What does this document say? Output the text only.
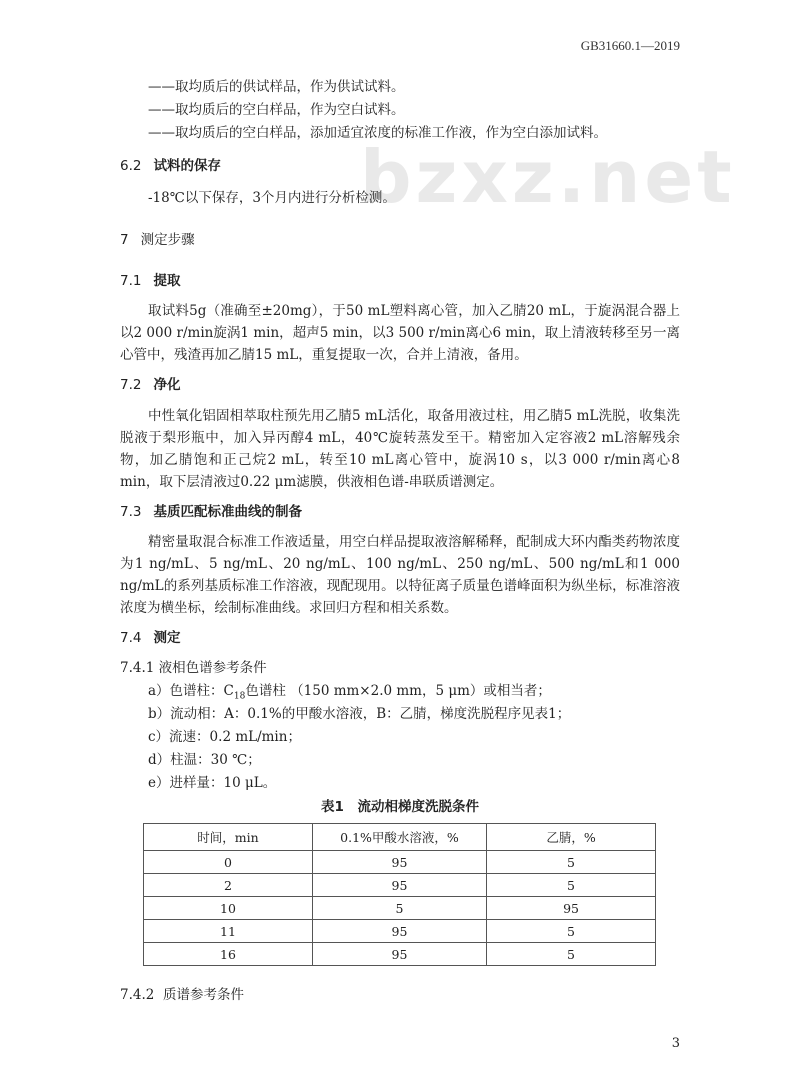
GB31660.1—2019
bzxz.net
——取均质后的供试样品，作为供试试料。
——取均质后的空白样品，作为空白试料。
——取均质后的空白样品，添加适宜浓度的标准工作液，作为空白添加试料。
6.2 试料的保存
-18℃以下保存，3个月内进行分析检测。
7 测定步骤
7.1 提取

取试料5g（准确至±20mg），于50 mL塑料离心管，加入乙腈20 mL，于旋涡混合器上以2 000 r/min旋涡1 min，超声5 min，以3 500 r/min离心6 min，取上清液转移至另一离心管中，残渣再加乙腈15 mL，重复提取一次，合并上清液，备用。

7.2 净化

中性氧化铝固相萃取柱预先用乙腈5 mL活化，取备用液过柱，用乙腈5 mL洗脱，收集洗脱液于梨形瓶中，加入异丙醇4 mL，40℃旋转蒸发至干。精密加入定容液2 mL溶解残余物，加乙腈饱和正己烷2 mL，转至10 mL离心管中，旋涡10 s，以3 000 r/min离心8 min，取下层清液过0.22 μm滤膜，供液相色谱-串联质谱测定。

7.3 基质匹配标准曲线的制备

精密量取混合标准工作液适量，用空白样品提取液溶解稀释，配制成大环内酯类药物浓度为1 ng/mL、5 ng/mL、20 ng/mL、100 ng/mL、250 ng/mL、500 ng/mL和1 000 ng/mL的系列基质标准工作溶液，现配现用。以特征离子质量色谱峰面积为纵坐标，标准溶液浓度为横坐标，绘制标准曲线。求回归方程和相关系数。

7.4 测定
7.4.1 液相色谱参考条件
a）色谱柱：$C_{18}$色谱柱 （150 mm×2.0 mm，5 μm）或相当者；
b）流动相：A：0.1%的甲酸水溶液，B：乙腈，梯度洗脱程序见表1；
c）流速：0.2 mL/min；
d）柱温：30 ℃；
e）进样量：10 μL。
表1　流动相梯度洗脱条件
时间，min	0.1%甲酸水溶液，%	乙腈，%
0	95	5
2	95	5
10	5	95
11	95	5
16	95	5
7.4.2 质谱参考条件
3
